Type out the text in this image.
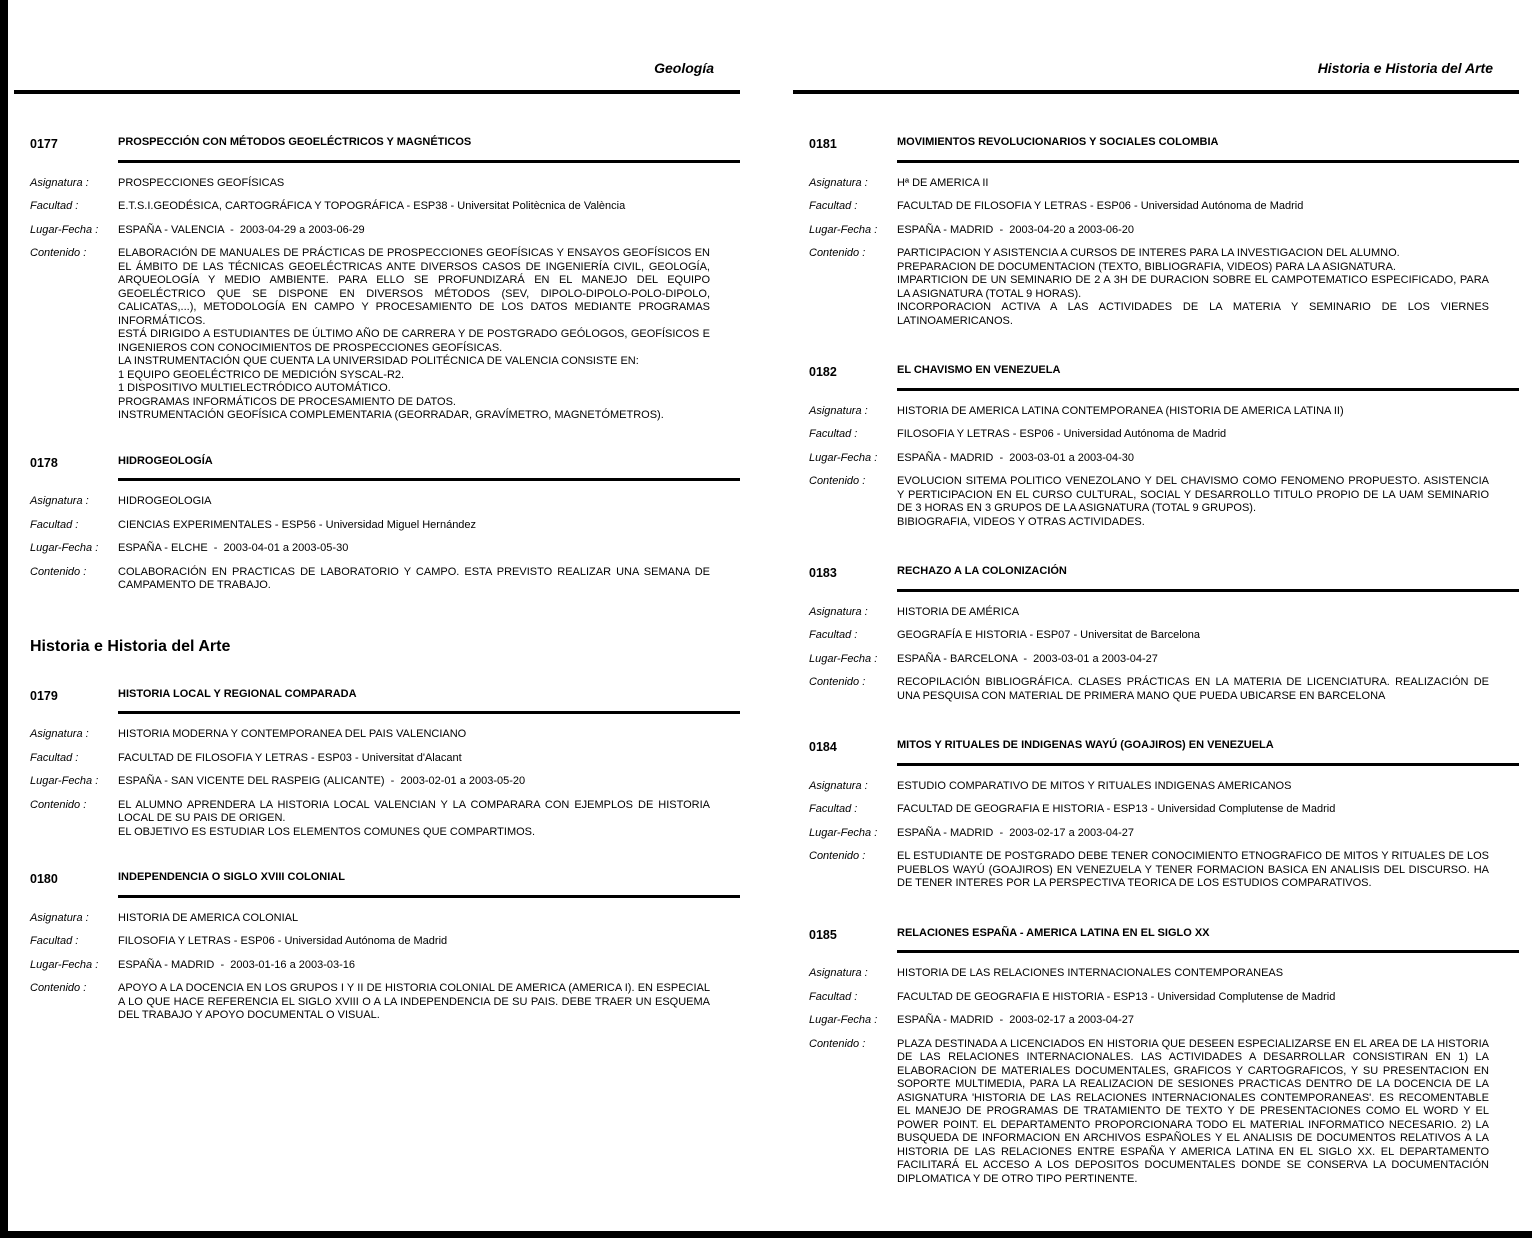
Geología
0177	PROSPECCIÓN CON MÉTODOS GEOELÉCTRICOS Y MAGNÉTICOS
Asignatura :	PROSPECCIONES GEOFÍSICAS
Facultad :	E.T.S.I.GEODÉSICA, CARTOGRÁFICA Y TOPOGRÁFICA - ESP38 - Universitat Politècnica de València
Lugar-Fecha :	ESPAÑA - VALENCIA  -  2003-04-29 a 2003-06-29
Contenido :	ELABORACIÓN DE MANUALES DE PRÁCTICAS DE PROSPECCIONES GEOFÍSICAS Y ENSAYOS GEOFÍSICOS EN EL ÁMBITO DE LAS TÉCNICAS GEOELÉCTRICAS ANTE DIVERSOS CASOS DE INGENIERÍA CIVIL, GEOLOGÍA, ARQUEOLOGÍA Y MEDIO AMBIENTE. PARA ELLO SE PROFUNDIZARÁ EN EL MANEJO DEL EQUIPO GEOELÉCTRICO QUE SE DISPONE EN DIVERSOS MÉTODOS (SEV, DIPOLO-DIPOLO-POLO-DIPOLO, CALICATAS,...), METODOLOGÍA EN CAMPO Y PROCESAMIENTO DE LOS DATOS MEDIANTE PROGRAMAS INFORMÁTICOS.
ESTÁ DIRIGIDO A ESTUDIANTES DE ÚLTIMO AÑO DE CARRERA Y DE POSTGRADO GEÓLOGOS, GEOFÍSICOS E INGENIEROS CON CONOCIMIENTOS DE PROSPECCIONES GEOFÍSICAS.
LA INSTRUMENTACIÓN QUE CUENTA LA UNIVERSIDAD POLITÉCNICA DE VALENCIA CONSISTE EN:
1 EQUIPO GEOELÉCTRICO DE MEDICIÓN SYSCAL-R2.
1 DISPOSITIVO MULTIELECTRÓDICO AUTOMÁTICO.
PROGRAMAS INFORMÁTICOS DE PROCESAMIENTO DE DATOS.
INSTRUMENTACIÓN GEOFÍSICA COMPLEMENTARIA (GEORRADAR, GRAVÍMETRO, MAGNETÓMETROS).
0178	HIDROGEOLOGÍA
Asignatura :	HIDROGEOLOGIA
Facultad :	CIENCIAS EXPERIMENTALES - ESP56 - Universidad Miguel Hernández
Lugar-Fecha :	ESPAÑA - ELCHE  -  2003-04-01 a 2003-05-30
Contenido :	COLABORACIÓN EN PRACTICAS DE LABORATORIO Y CAMPO. ESTA PREVISTO REALIZAR UNA SEMANA DE CAMPAMENTO DE TRABAJO.
Historia e Historia del Arte
0179	HISTORIA LOCAL Y REGIONAL COMPARADA
Asignatura :	HISTORIA MODERNA Y CONTEMPORANEA DEL PAIS VALENCIANO
Facultad :	FACULTAD DE FILOSOFIA Y LETRAS - ESP03 - Universitat d'Alacant
Lugar-Fecha :	ESPAÑA - SAN VICENTE DEL RASPEIG (ALICANTE)  -  2003-02-01 a 2003-05-20
Contenido :	EL ALUMNO APRENDERA LA HISTORIA LOCAL VALENCIAN Y LA COMPARARA CON EJEMPLOS DE HISTORIA LOCAL DE SU PAIS DE ORIGEN.
EL OBJETIVO ES ESTUDIAR LOS ELEMENTOS COMUNES QUE COMPARTIMOS.
0180	INDEPENDENCIA O SIGLO XVIII COLONIAL
Asignatura :	HISTORIA DE AMERICA COLONIAL
Facultad :	FILOSOFIA Y LETRAS - ESP06 - Universidad Autónoma de Madrid
Lugar-Fecha :	ESPAÑA - MADRID  -  2003-01-16 a 2003-03-16
Contenido :	APOYO A LA DOCENCIA EN LOS GRUPOS I Y II DE HISTORIA COLONIAL DE AMERICA (AMERICA I). EN ESPECIAL A LO QUE HACE REFERENCIA EL SIGLO XVIII O A LA INDEPENDENCIA DE SU PAIS. DEBE TRAER UN ESQUEMA DEL TRABAJO Y APOYO DOCUMENTAL O VISUAL.
Historia e Historia del Arte
0181	MOVIMIENTOS REVOLUCIONARIOS Y SOCIALES COLOMBIA
Asignatura :	Hª DE AMERICA II
Facultad :	FACULTAD DE FILOSOFIA Y LETRAS - ESP06 - Universidad Autónoma de Madrid
Lugar-Fecha :	ESPAÑA - MADRID  -  2003-04-20 a 2003-06-20
Contenido :	PARTICIPACION Y ASISTENCIA A CURSOS DE INTERES PARA LA INVESTIGACION DEL ALUMNO.
PREPARACION DE DOCUMENTACION (TEXTO, BIBLIOGRAFIA, VIDEOS) PARA LA ASIGNATURA.
IMPARTICION DE UN SEMINARIO DE 2 A 3H DE DURACION SOBRE EL CAMPOTEMATICO ESPECIFICADO, PARA LA ASIGNATURA (TOTAL 9 HORAS).
INCORPORACION ACTIVA A LAS ACTIVIDADES DE LA MATERIA Y SEMINARIO DE LOS VIERNES LATINOAMERICANOS.
0182	EL CHAVISMO EN VENEZUELA
Asignatura :	HISTORIA DE AMERICA LATINA CONTEMPORANEA (HISTORIA DE AMERICA LATINA II)
Facultad :	FILOSOFIA Y LETRAS - ESP06 - Universidad Autónoma de Madrid
Lugar-Fecha :	ESPAÑA - MADRID  -  2003-03-01 a 2003-04-30
Contenido :	EVOLUCION SITEMA POLITICO VENEZOLANO Y DEL CHAVISMO COMO FENOMENO PROPUESTO. ASISTENCIA Y PERTICIPACION EN EL CURSO CULTURAL, SOCIAL Y DESARROLLO TITULO PROPIO DE LA UAM SEMINARIO DE 3 HORAS EN 3 GRUPOS DE LA ASIGNATURA (TOTAL 9 GRUPOS).
BIBIOGRAFIA, VIDEOS Y OTRAS ACTIVIDADES.
0183	RECHAZO A LA COLONIZACIÓN
Asignatura :	HISTORIA DE AMÉRICA
Facultad :	GEOGRAFÍA E HISTORIA - ESP07 - Universitat de Barcelona
Lugar-Fecha :	ESPAÑA - BARCELONA  -  2003-03-01 a 2003-04-27
Contenido :	RECOPILACIÓN BIBLIOGRÁFICA. CLASES PRÁCTICAS EN LA MATERIA DE LICENCIATURA. REALIZACIÓN DE UNA PESQUISA CON MATERIAL DE PRIMERA MANO QUE PUEDA UBICARSE EN BARCELONA
0184	MITOS Y RITUALES DE INDIGENAS WAYÚ (GOAJIROS) EN VENEZUELA
Asignatura :	ESTUDIO COMPARATIVO DE MITOS Y RITUALES INDIGENAS AMERICANOS
Facultad :	FACULTAD DE GEOGRAFIA E HISTORIA - ESP13 - Universidad Complutense de Madrid
Lugar-Fecha :	ESPAÑA - MADRID  -  2003-02-17 a 2003-04-27
Contenido :	EL ESTUDIANTE DE POSTGRADO DEBE TENER CONOCIMIENTO ETNOGRAFICO DE MITOS Y RITUALES DE LOS PUEBLOS WAYÚ (GOAJIROS) EN VENEZUELA Y TENER FORMACION BASICA EN ANALISIS DEL DISCURSO. HA DE TENER INTERES POR LA PERSPECTIVA TEORICA DE LOS ESTUDIOS COMPARATIVOS.
0185	RELACIONES ESPAÑA - AMERICA LATINA EN EL SIGLO XX
Asignatura :	HISTORIA DE LAS RELACIONES INTERNACIONALES CONTEMPORANEAS
Facultad :	FACULTAD DE GEOGRAFIA E HISTORIA - ESP13 - Universidad Complutense de Madrid
Lugar-Fecha :	ESPAÑA - MADRID  -  2003-02-17 a 2003-04-27
Contenido :	PLAZA DESTINADA A LICENCIADOS EN HISTORIA QUE DESEEN ESPECIALIZARSE EN EL AREA DE LA HISTORIA DE LAS RELACIONES INTERNACIONALES. LAS ACTIVIDADES A DESARROLLAR CONSISTIRAN EN 1) LA ELABORACION DE MATERIALES DOCUMENTALES, GRAFICOS Y CARTOGRAFICOS, Y SU PRESENTACION EN SOPORTE MULTIMEDIA, PARA LA REALIZACION DE SESIONES PRACTICAS DENTRO DE LA DOCENCIA DE LA ASIGNATURA 'HISTORIA DE LAS RELACIONES INTERNACIONALES CONTEMPORANEAS'. ES RECOMENTABLE EL MANEJO DE PROGRAMAS DE TRATAMIENTO DE TEXTO Y DE PRESENTACIONES COMO EL WORD Y EL POWER POINT. EL DEPARTAMENTO PROPORCIONARA TODO EL MATERIAL INFORMATICO NECESARIO. 2) LA BUSQUEDA DE INFORMACION EN ARCHIVOS ESPAÑOLES Y EL ANALISIS DE DOCUMENTOS RELATIVOS A LA HISTORIA DE LAS RELACIONES ENTRE ESPAÑA Y AMERICA LATINA EN EL SIGLO XX. EL DEPARTAMENTO FACILITARÁ EL ACCESO A LOS DEPOSITOS DOCUMENTALES DONDE SE CONSERVA LA DOCUMENTACIÓN DIPLOMATICA Y DE OTRO TIPO PERTINENTE.
